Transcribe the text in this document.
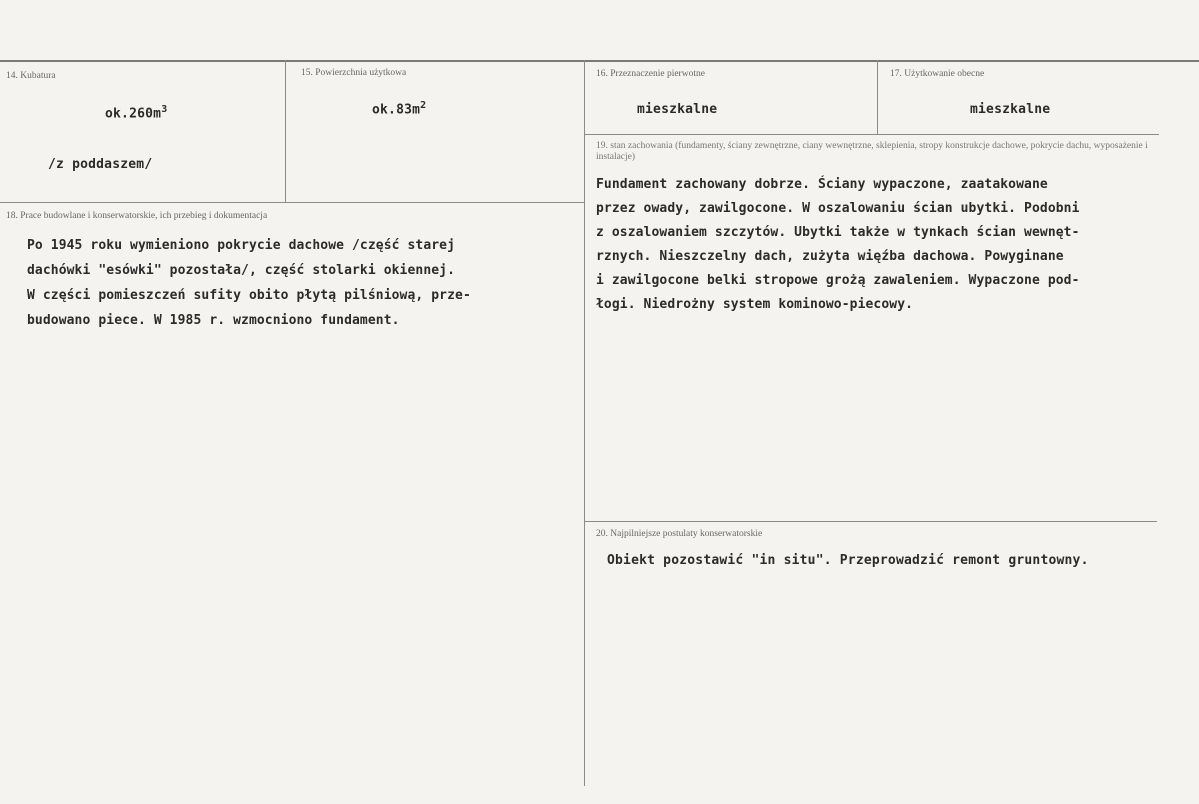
14. Kubatura
$ok.260m^3$
/z poddaszem/
15. Powierzchnia użytkowa
$ok.83m^2$
16. Przeznaczenie pierwotne
mieszkalne
17. Użytkowanie obecne
mieszkalne
19. stan zachowania (fundamenty, ściany zewnętrzne, ciany wewnętrzne, sklepienia, stropy konstrukcje dachowe, pokrycie dachu, wyposażenie i instalacje)
Fundament zachowany dobrze. Ściany wypaczone, zaatakowane
przez owady, zawilgocone. W oszalowaniu ścian ubytki. Podobni
z oszalowaniem szczytów. Ubytki także w tynkach ścian wewnęt-
rznych. Nieszczelny dach, zużyta więźba dachowa. Powyginane
i zawilgocone belki stropowe grożą zawaleniem. Wypaczone pod-
łogi. Niedrożny system kominowo-piecowy.
18. Prace budowlane i konserwatorskie, ich przebieg i dokumentacja
Po 1945 roku wymieniono pokrycie dachowe /część starej
dachówki "esówki" pozostała/, część stolarki okiennej.
W części pomieszczeń sufity obito płytą pilśniową, prze-
budowano piece. W 1985 r. wzmocniono fundament.
20. Najpilniejsze postulaty konserwatorskie
Obiekt pozostawić "in situ". Przeprowadzić remont gruntowny.
